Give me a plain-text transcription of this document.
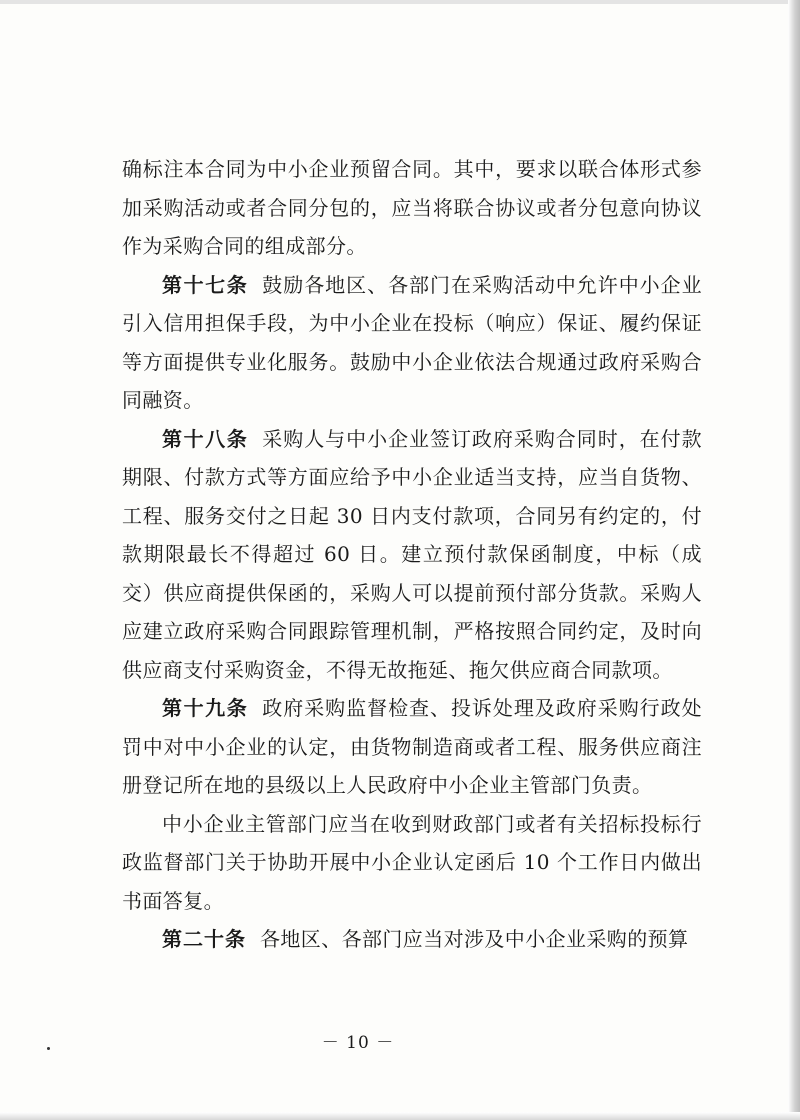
确标注本合同为中小企业预留合同。其中，要求以联合体形式参加采购活动或者合同分包的，应当将联合协议或者分包意向协议作为采购合同的组成部分。

第十七条 鼓励各地区、各部门在采购活动中允许中小企业引入信用担保手段，为中小企业在投标（响应）保证、履约保证等方面提供专业化服务。鼓励中小企业依法合规通过政府采购合同融资。

第十八条 采购人与中小企业签订政府采购合同时，在付款期限、付款方式等方面应给予中小企业适当支持，应当自货物、工程、服务交付之日起 30 日内支付款项，合同另有约定的，付款期限最长不得超过 60 日。建立预付款保函制度，中标（成交）供应商提供保函的，采购人可以提前预付部分货款。采购人应建立政府采购合同跟踪管理机制，严格按照合同约定，及时向供应商支付采购资金，不得无故拖延、拖欠供应商合同款项。

第十九条 政府采购监督检查、投诉处理及政府采购行政处罚中对中小企业的认定，由货物制造商或者工程、服务供应商注册登记所在地的县级以上人民政府中小企业主管部门负责。

中小企业主管部门应当在收到财政部门或者有关招标投标行政监督部门关于协助开展中小企业认定函后 10 个工作日内做出书面答复。

第二十条 各地区、各部门应当对涉及中小企业采购的预算

－ 10 －
